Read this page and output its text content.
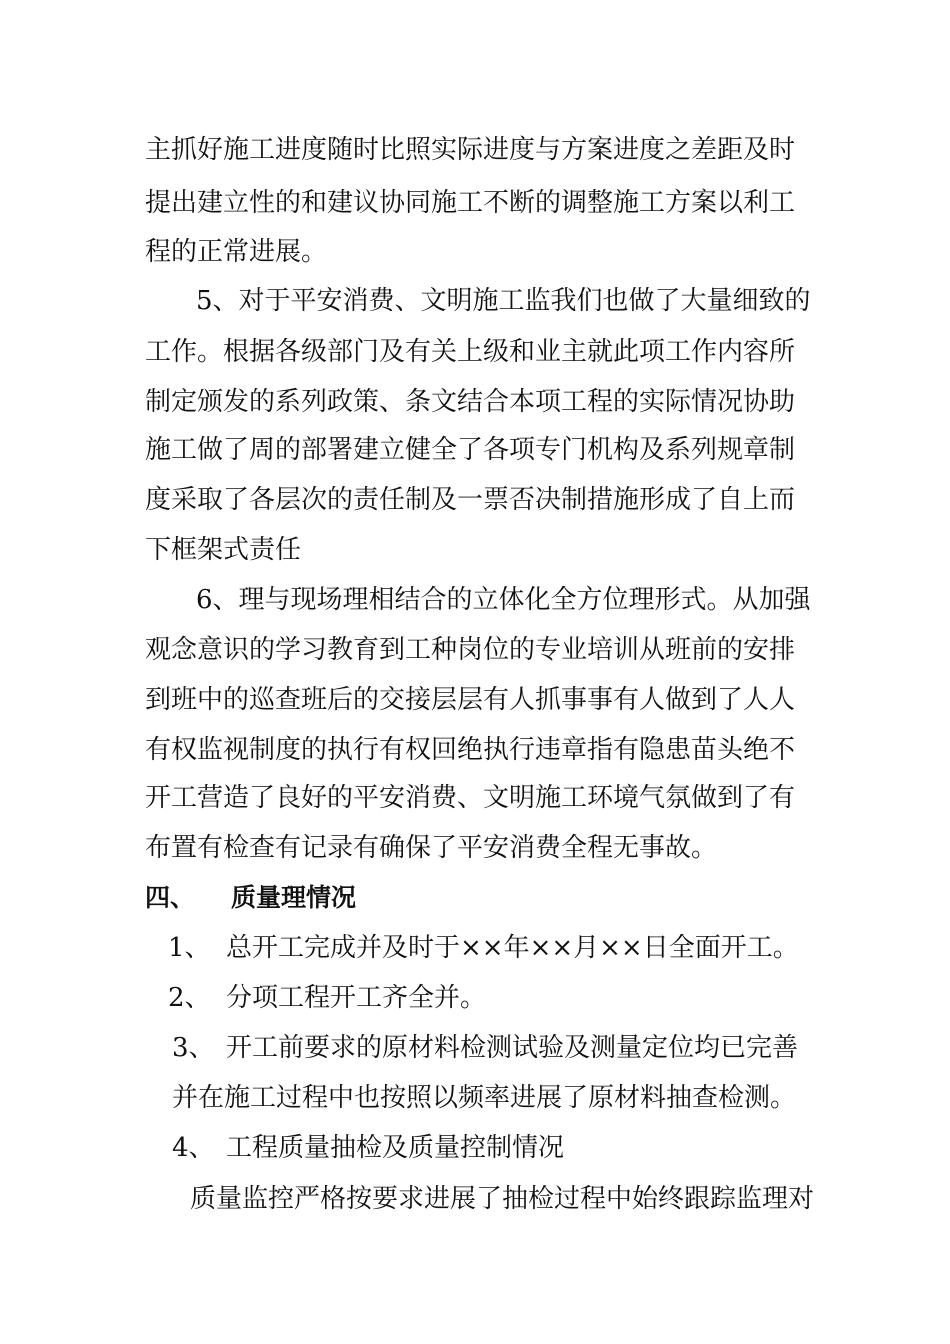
主抓好施工进度随时比照实际进度与方案进度之差距及时
提出建立性的和建议协同施工不断的调整施工方案以利工
程的正常进展。
5、对于平安消费、文明施工监我们也做了大量细致的
工作。根据各级部门及有关上级和业主就此项工作内容所
制定颁发的系列政策、条文结合本项工程的实际情况协助
施工做了周的部署建立健全了各项专门机构及系列规章制
度采取了各层次的责任制及一票否决制措施形成了自上而
下框架式责任
6、理与现场理相结合的立体化全方位理形式。从加强
观念意识的学习教育到工种岗位的专业培训从班前的安排
到班中的巡查班后的交接层层有人抓事事有人做到了人人
有权监视制度的执行有权回绝执行违章指有隐患苗头绝不
开工营造了良好的平安消费、文明施工环境气氛做到了有
布置有检查有记录有确保了平安消费全程无事故。
四、 质量理情况
1、 总开工完成并及时于××年××月××日全面开工。
2、 分项工程开工齐全并。
3、 开工前要求的原材料检测试验及测量定位均已完善
并在施工过程中也按照以频率进展了原材料抽查检测。
4、 工程质量抽检及质量控制情况
质量监控严格按要求进展了抽检过程中始终跟踪监理对
